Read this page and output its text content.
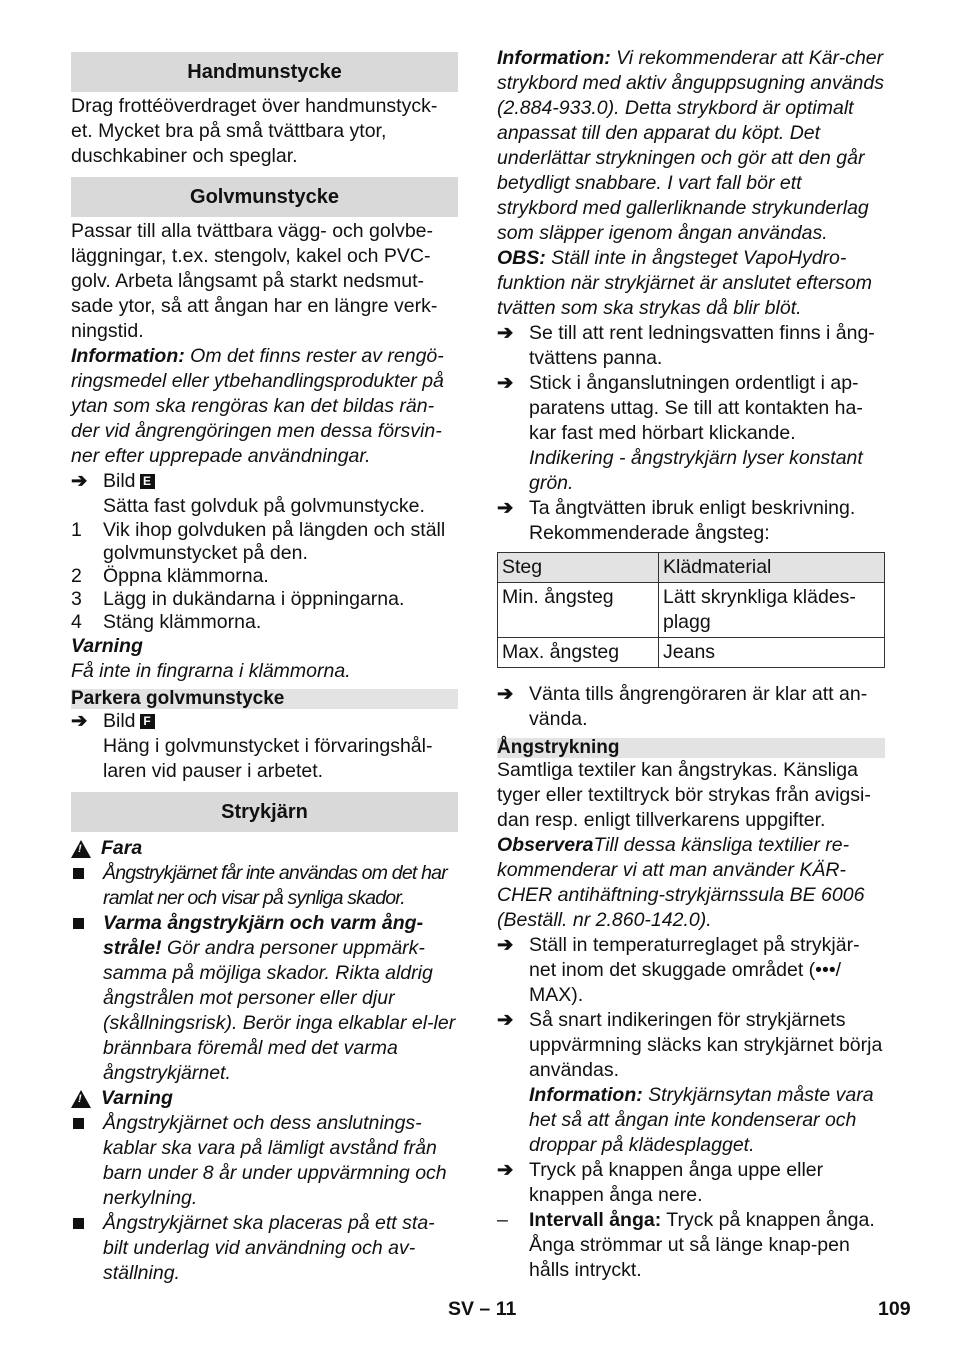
Handmunstycke

Drag frottéöverdraget över handmunstyck-et. Mycket bra på små tvättbara ytor, duschkabiner och speglar.

Golvmunstycke

Passar till alla tvättbara vägg- och golvbe-läggningar, t.ex. stengolv, kakel och PVC-golv. Arbeta långsamt på starkt nedsmut-sade ytor, så att ångan har en längre verk-ningstid.

Information: Om det finns rester av rengö-ringsmedel eller ytbehandlingsprodukter på ytan som ska rengöras kan det bildas rän-der vid ångrengöringen men dessa försvin-ner efter upprepade användningar.

➔ Bild E
Sätta fast golvduk på golvmunstycke.
1	Vik ihop golvduken på längden och ställ golvmunstycket på den.
2	Öppna klämmorna.
3	Lägg in dukändarna i öppningarna.
4	Stäng klämmorna.

Varning

Få inte in fingrarna i klämmorna.

Parkera golvmunstycke
➔ Bild F
Häng i golvmunstycket i förvaringshål-laren vid pauser i arbetet.
Strykjärn

!Fara

Ångstrykjärnet får inte användas om det har ramlat ner och visar på synliga skador.
Varma ångstrykjärn och varm ång-stråle! Gör andra personer uppmärk-samma på möjliga skador. Rikta aldrig ångstrålen mot personer eller djur (skållningsrisk). Berör inga elkablar el-ler brännbara föremål med det varma ångstrykjärnet.

!Varning

Ångstrykjärnet och dess anslutnings-kablar ska vara på lämligt avstånd från barn under 8 år under uppvärmning och nerkylning.
Ångstrykjärnet ska placeras på ett sta-bilt underlag vid användning och av-ställning.

Information: Vi rekommenderar att Kär-cher strykbord med aktiv ånguppsugning används (2.884-933.0). Detta strykbord är optimalt anpassat till den apparat du köpt. Det underlättar strykningen och gör att den går betydligt snabbare. I vart fall bör ett strykbord med gallerliknande strykunderlag som släpper igenom ångan användas.

OBS: Ställ inte in ångsteget VapoHydro-funktion när strykjärnet är anslutet eftersom tvätten som ska strykas då blir blöt.

➔ Se till att rent ledningsvatten finns i ång-tvättens panna.
➔ Stick i ånganslutningen ordentligt i ap-paratens uttag. Se till att kontakten ha-kar fast med hörbart klickande.
Indikering - ångstrykjärn lyser konstant grön.
➔ Ta ångtvätten ibruk enligt beskrivning. Rekommenderade ångsteg:
Steg	Klädmaterial
Min. ångsteg	Lätt skrynkliga klädes-plagg
Max. ångsteg	Jeans
➔ Vänta tills ångrengöraren är klar att an-vända.
Ångstrykning

Samtliga textiler kan ångstrykas. Känsliga tyger eller textiltryck bör strykas från avigsi-dan resp. enligt tillverkarens uppgifter.

ObserveraTill dessa känsliga textilier re-kommenderar vi att man använder KÄR-CHER antihäftning-strykjärnssula BE 6006 (Beställ. nr 2.860-142.0).

➔ Ställ in temperaturreglaget på strykjär-net inom det skuggade området (•••/ MAX).
➔ Så snart indikeringen för strykjärnets uppvärmning släcks kan strykjärnet börja användas.
Information: Strykjärnsytan måste vara het så att ångan inte kondenserar och droppar på klädesplagget.
➔ Tryck på knappen ånga uppe eller knappen ånga nere.
–	Intervall ånga: Tryck på knappen ånga. Ånga strömmar ut så länge knap-pen hålls intryckt.
SV – 11	109
